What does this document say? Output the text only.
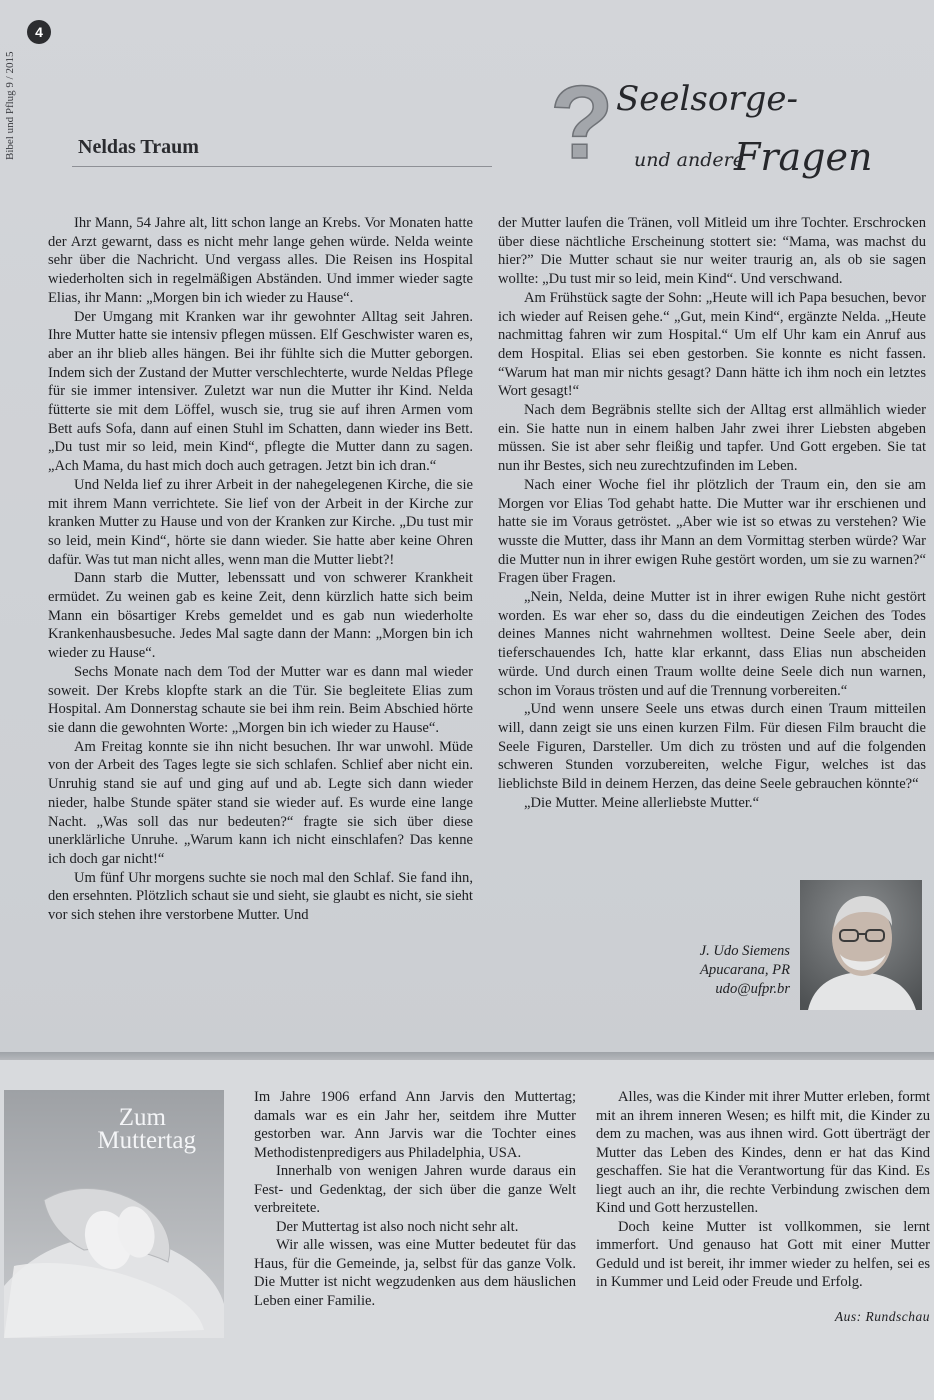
4
Bibel und Pflug 9 / 2015	Neldas Traum	? Seelsorge-
und andere
Fragen

Ihr Mann, 54 Jahre alt, litt schon lange an Krebs. Vor Monaten hatte der Arzt gewarnt, dass es nicht mehr lange gehen würde. Nelda weinte sehr über die Nachricht. Und vergass alles. Die Reisen ins Hospital wiederholten sich in regelmäßigen Abständen. Und immer wieder sagte Elias, ihr Mann: „Morgen bin ich wieder zu Hause“.

Der Umgang mit Kranken war ihr gewohnter Alltag seit Jahren. Ihre Mutter hatte sie intensiv pflegen müssen. Elf Geschwister waren es, aber an ihr blieb alles hängen. Bei ihr fühlte sich die Mutter geborgen. Indem sich der Zustand der Mutter verschlechterte, wurde Neldas Pflege für sie immer intensiver. Zuletzt war nun die Mutter ihr Kind. Nelda fütterte sie mit dem Löffel, wusch sie, trug sie auf ihren Armen vom Bett aufs Sofa, dann auf einen Stuhl im Schatten, dann wieder ins Bett. „Du tust mir so leid, mein Kind“, pflegte die Mutter dann zu sagen. „Ach Mama, du hast mich doch auch getragen. Jetzt bin ich dran.“

Und Nelda lief zu ihrer Arbeit in der nahegelegenen Kirche, die sie mit ihrem Mann verrichtete. Sie lief von der Arbeit in der Kirche zur kranken Mutter zu Hause und von der Kranken zur Kirche. „Du tust mir so leid, mein Kind“, hörte sie dann wieder. Sie hatte aber keine Ohren dafür. Was tut man nicht alles, wenn man die Mutter liebt?!

Dann starb die Mutter, lebenssatt und von schwerer Krankheit ermüdet. Zu weinen gab es keine Zeit, denn kürzlich hatte sich beim Mann ein bösartiger Krebs gemeldet und es gab nun wiederholte Krankenhausbesuche. Jedes Mal sagte dann der Mann: „Morgen bin ich wieder zu Hause“.

Sechs Monate nach dem Tod der Mutter war es dann mal wieder soweit. Der Krebs klopfte stark an die Tür. Sie begleitete Elias zum Hospital. Am Donnerstag schaute sie bei ihm rein. Beim Abschied hörte sie dann die gewohnten Worte: „Morgen bin ich wieder zu Hause“.

Am Freitag konnte sie ihn nicht besuchen. Ihr war unwohl. Müde von der Arbeit des Tages legte sie sich schlafen. Schlief aber nicht ein. Unruhig stand sie auf und ging auf und ab. Legte sich dann wieder nieder, halbe Stunde später stand sie wieder auf. Es wurde eine lange Nacht. „Was soll das nur bedeuten?“ fragte sie sich über diese unerklärliche Unruhe. „Warum kann ich nicht einschlafen? Das kenne ich doch gar nicht!“

Um fünf Uhr morgens suchte sie noch mal den Schlaf. Sie fand ihn, den ersehnten. Plötzlich schaut sie und sieht, sie glaubt es nicht, sie sieht vor sich stehen ihre verstorbene Mutter. Und

der Mutter laufen die Tränen, voll Mitleid um ihre Tochter. Erschrocken über diese nächtliche Erscheinung stottert sie: “Mama, was machst du hier?” Die Mutter schaut sie nur weiter traurig an, als ob sie sagen wollte: „Du tust mir so leid, mein Kind“. Und verschwand.

Am Frühstück sagte der Sohn: „Heute will ich Papa besuchen, bevor ich wieder auf Reisen gehe.“ „Gut, mein Kind“, ergänzte Nelda. „Heute nachmittag fahren wir zum Hospital.“ Um elf Uhr kam ein Anruf aus dem Hospital. Elias sei eben gestorben. Sie konnte es nicht fassen. “Warum hat man mir nichts gesagt? Dann hätte ich ihm noch ein letztes Wort gesagt!“

Nach dem Begräbnis stellte sich der Alltag erst allmählich wieder ein. Sie hatte nun in einem halben Jahr zwei ihrer Liebsten abgeben müssen. Sie ist aber sehr fleißig und tapfer. Und Gott ergeben. Sie tat nun ihr Bestes, sich neu zurechtzufinden im Leben.

Nach einer Woche fiel ihr plötzlich der Traum ein, den sie am Morgen vor Elias Tod gehabt hatte. Die Mutter war ihr erschienen und hatte sie im Voraus getröstet. „Aber wie ist so etwas zu verstehen? Wie wusste die Mutter, dass ihr Mann an dem Vormittag sterben würde? War die Mutter nun in ihrer ewigen Ruhe gestört worden, um sie zu warnen?“ Fragen über Fragen.

„Nein, Nelda, deine Mutter ist in ihrer ewigen Ruhe nicht gestört worden. Es war eher so, dass du die eindeutigen Zeichen des Todes deines Mannes nicht wahrnehmen wolltest. Deine Seele aber, dein tieferschauendes Ich, hatte klar erkannt, dass Elias nun abscheiden würde. Und durch einen Traum wollte deine Seele dich nun warnen, schon im Voraus trösten und auf die Trennung vorbereiten.“

„Und wenn unsere Seele uns etwas durch einen Traum mitteilen will, dann zeigt sie uns einen kurzen Film. Für diesen Film braucht die Seele Figuren, Darsteller. Um dich zu trösten und auf die folgenden schweren Stunden vorzubereiten, welche Figur, welches ist das lieblichste Bild in deinem Herzen, das deine Seele gebrauchen könnte?“

„Die Mutter. Meine allerliebste Mutter.“

J. Udo Siemens
Apucarana, PR
udo@ufpr.br
Zum
Muttertag

Im Jahre 1906 erfand Ann Jarvis den Muttertag; damals war es ein Jahr her, seitdem ihre Mutter gestorben war. Ann Jarvis war die Tochter eines Methodistenpredigers aus Philadelphia, USA.

Innerhalb von wenigen Jahren wurde daraus ein Fest- und Gedenktag, der sich über die ganze Welt verbreitete.

Der Muttertag ist also noch nicht sehr alt.

Wir alle wissen, was eine Mutter bedeutet für das Haus, für die Gemeinde, ja, selbst für das ganze Volk. Die Mutter ist nicht wegzudenken aus dem häuslichen Leben einer Familie.

Alles, was die Kinder mit ihrer Mutter erleben, formt mit an ihrem inneren Wesen; es hilft mit, die Kinder zu dem zu machen, was aus ihnen wird. Gott überträgt der Mutter das Leben des Kindes, denn er hat das Kind geschaffen. Sie hat die Verantwortung für das Kind. Es liegt auch an ihr, die rechte Verbindung zwischen dem Kind und Gott herzustellen.

Doch keine Mutter ist vollkommen, sie lernt immerfort. Und genauso hat Gott mit einer Mutter Geduld und ist bereit, ihr immer wieder zu helfen, sei es in Kummer und Leid oder Freude und Erfolg.

Aus: Rundschau
